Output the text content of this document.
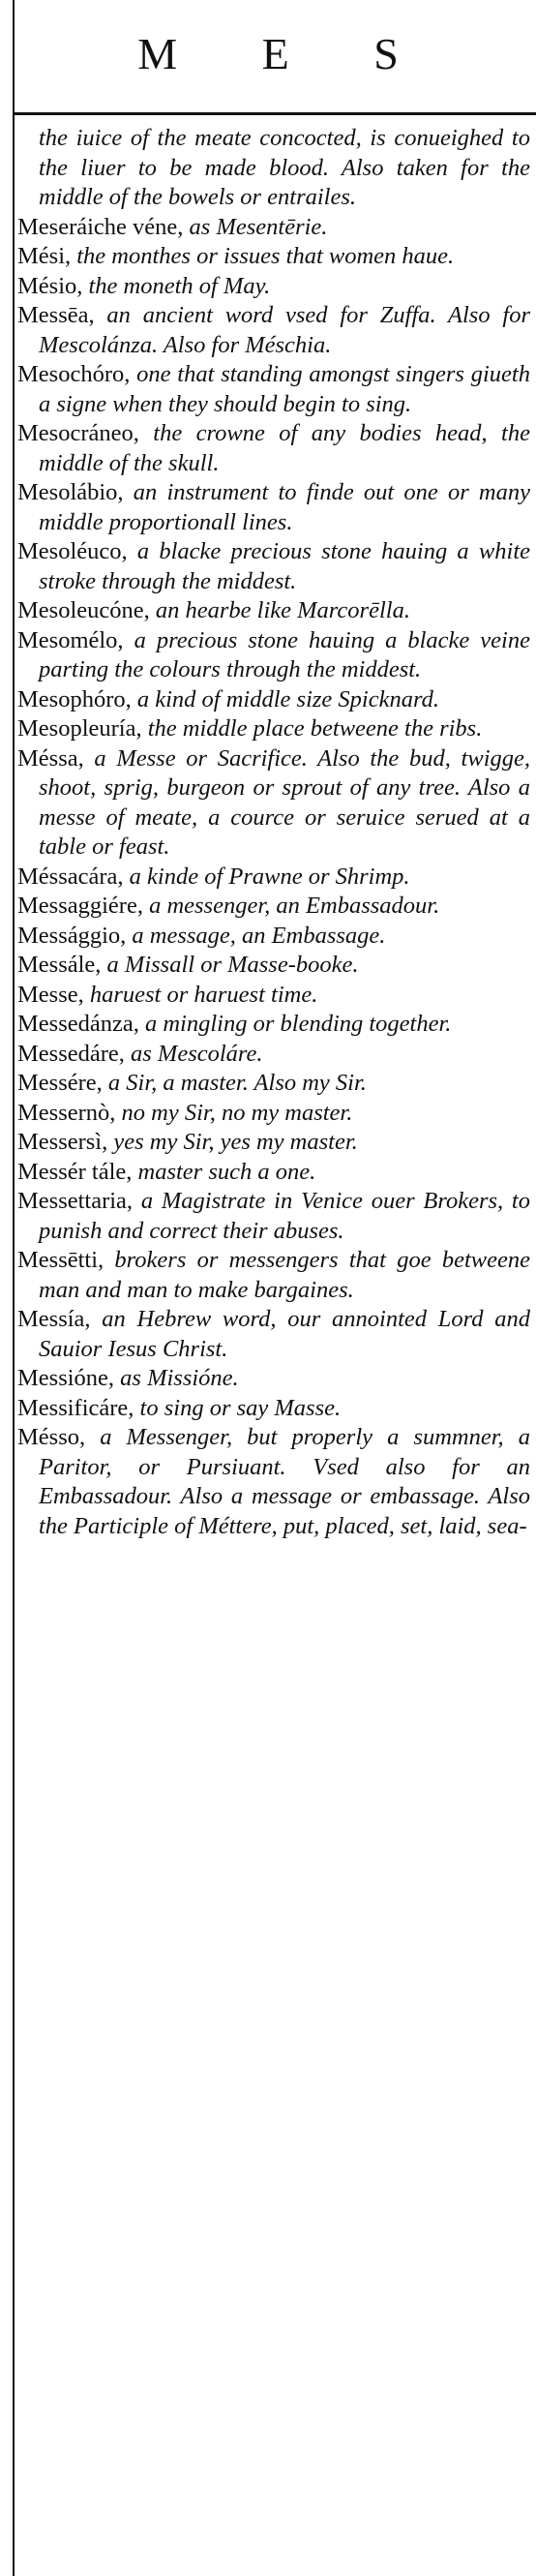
M E S
the iuice of the meate concocted, is conueighed to the liuer to be made blood. Also taken for the middle of the bowels or entrailes.
Meseráiche véne, as Mesentērie.
Mési, the monthes or issues that women haue.
Mésio, the moneth of May.
Messēa, an ancient word vsed for Zuffa. Also for Mescolánza. Also for Méschia.
Mesochóro, one that standing amongst singers giueth a signe when they should begin to sing.
Mesocráneo, the crowne of any bodies head, the middle of the skull.
Mesolábio, an instrument to finde out one or many middle proportionall lines.
Mesoléuco, a blacke precious stone hauing a white stroke through the middest.
Mesoleucóne, an hearbe like Marcorēlla.
Mesomélo, a precious stone hauing a blacke veine parting the colours through the middest.
Mesophóro, a kind of middle size Spicknard.
Mesopleuría, the middle place betweene the ribs.
Méssa, a Messe or Sacrifice. Also the bud, twigge, shoot, sprig, burgeon or sprout of any tree. Also a messe of meate, a cource or seruice serued at a table or feast.
Méssacára, a kinde of Prawne or Shrimp.
Messaggiére, a messenger, an Embassadour.
Messággio, a message, an Embassage.
Messále, a Missall or Masse-booke.
Messe, haruest or haruest time.
Messedánza, a mingling or blending together.
Messedáre, as Mescoláre.
Messére, a Sir, a master. Also my Sir.
Messernò, no my Sir, no my master.
Messersì, yes my Sir, yes my master.
Messér tále, master such a one.
Messettaria, a Magistrate in Venice ouer Brokers, to punish and correct their abuses.
Messētti, brokers or messengers that goe betweene man and man to make bargaines.
Messía, an Hebrew word, our annointed Lord and Sauior Iesus Christ.
Messióne, as Missióne.
Messificáre, to sing or say Masse.
Mésso, a Messenger, but properly a summner, a Paritor, or Pursiuant. Vsed also for an Embassadour. Also a message or embassage. Also the Participle of Méttere, put, placed, set, laid, sea-
